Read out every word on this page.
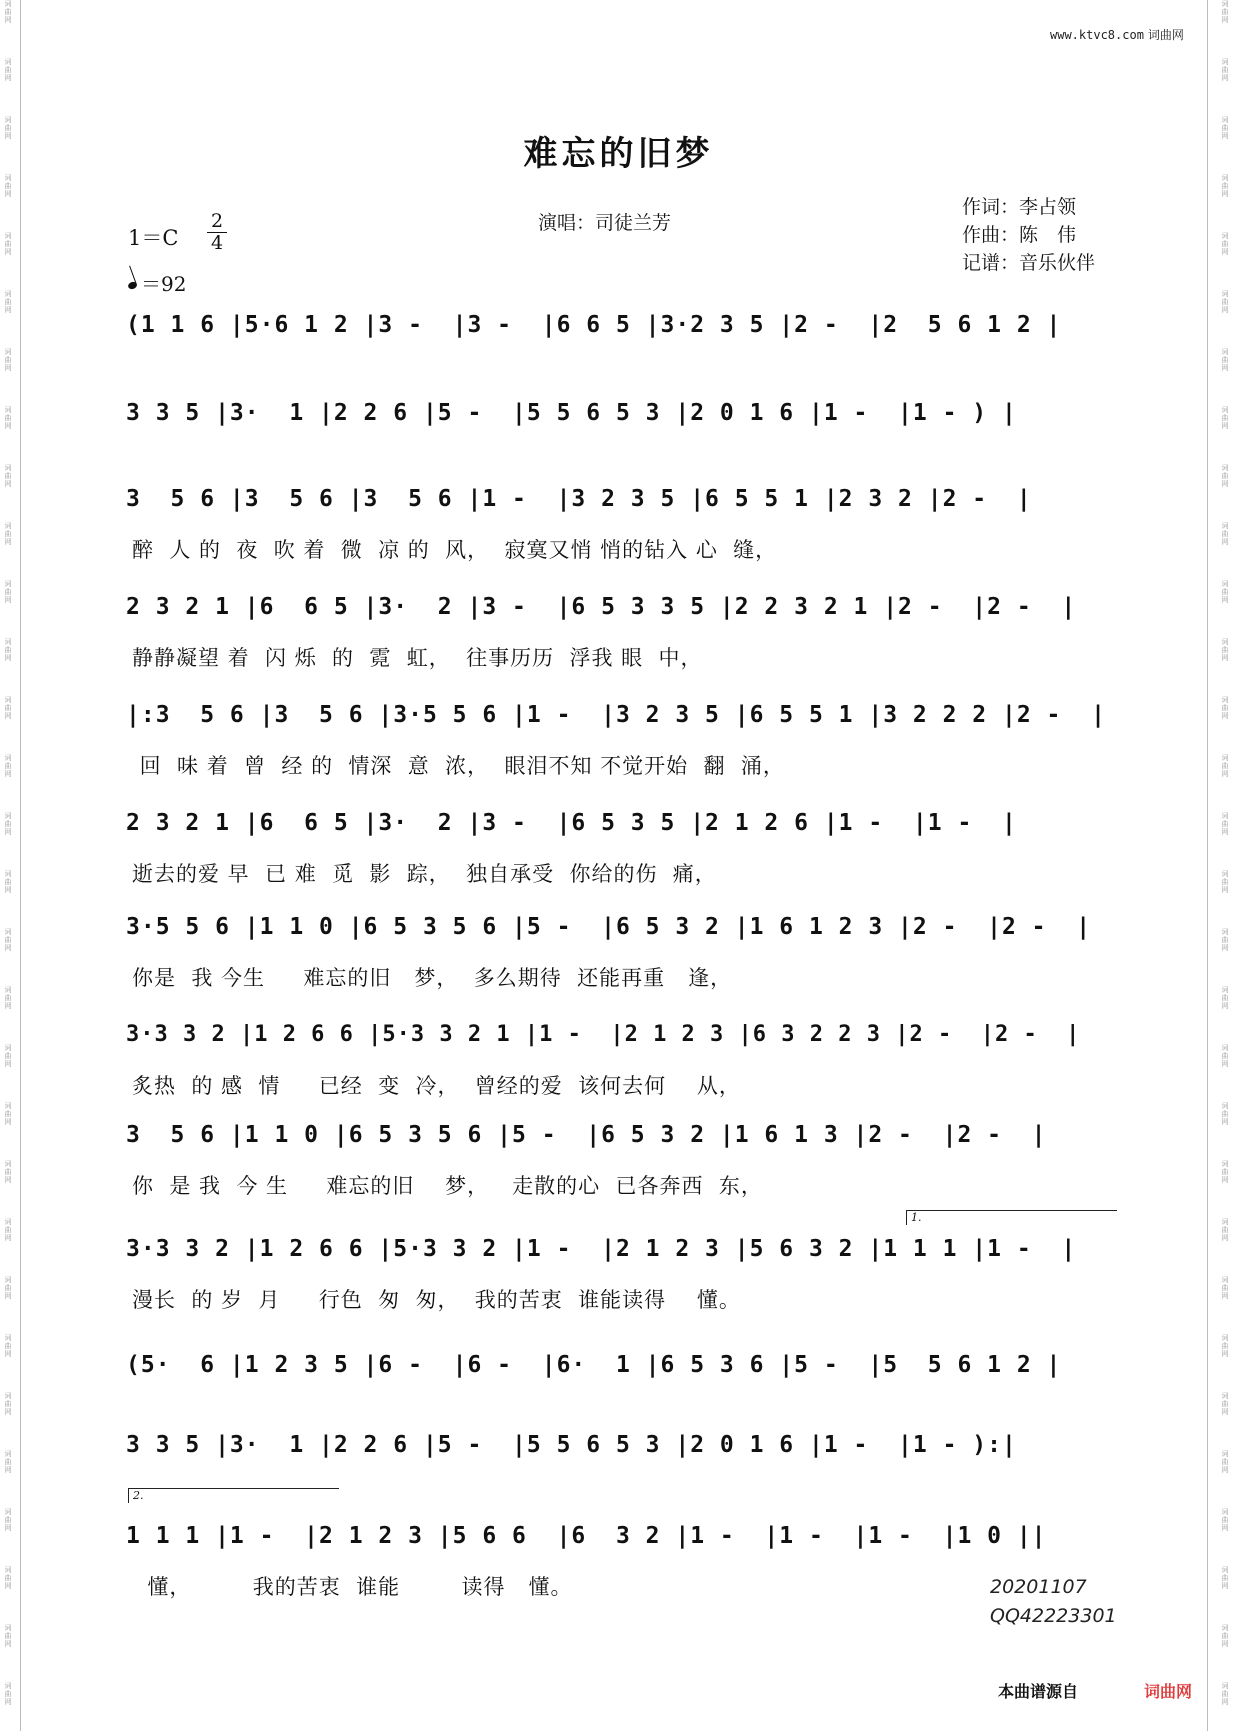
词曲网
词曲网
词曲网
词曲网
词曲网
词曲网
词曲网
词曲网
词曲网
词曲网
词曲网
词曲网
词曲网
词曲网
词曲网
词曲网
词曲网
词曲网
词曲网
词曲网
词曲网
词曲网
词曲网
词曲网
词曲网
词曲网
词曲网
词曲网
词曲网
词曲网
词曲网
词曲网
词曲网
词曲网
词曲网
词曲网
词曲网
词曲网
词曲网
词曲网
词曲网
词曲网
词曲网
词曲网
词曲网
词曲网
词曲网
词曲网
词曲网
词曲网
词曲网
词曲网
词曲网
词曲网
词曲网
词曲网
词曲网
词曲网
词曲网
词曲网
www.ktvc8.com 词曲网
难忘的旧梦
演唱：司徒兰芳
作词：李占领
作曲：陈　伟
记谱：音乐伙伴
$1=C \frac{2}{4}$
＝92
(1 1 6 |5·6 1 2 |3 -  |3 -  |6 6 5 |3·2 3 5 |2 -  |2  5 6 1 2 |
3 3 5 |3·  1 |2 2 6 |5 -  |5 5 6 5 3 |2 0 1 6 |1 -  |1 - ) |
3  5 6 |3  5 6 |3  5 6 |1 -  |3 2 3 5 |6 5 5 1 |2 3 2 |2 -  |
醉  人 的  夜  吹 着  微  凉 的  风，  寂寞又悄 悄的钻入 心  缝，
2 3 2 1 |6  6 5 |3·  2 |3 -  |6 5 3 3 5 |2 2 3 2 1 |2 -  |2 -  |
静静凝望 着  闪 烁  的  霓  虹，  往事历历  浮我 眼  中，
|:3  5 6 |3  5 6 |3·5 5 6 |1 -  |3 2 3 5 |6 5 5 1 |3 2 2 2 |2 -  |
回  味 着  曾  经 的  情深  意  浓，  眼泪不知 不觉开始  翻  涌，
2 3 2 1 |6  6 5 |3·  2 |3 -  |6 5 3 5 |2 1 2 6 |1 -  |1 -  |
逝去的爱 早  已 难  觅  影  踪，  独自承受  你给的伤  痛，
3·5 5 6 |1 1 0 |6 5 3 5 6 |5 -  |6 5 3 2 |1 6 1 2 3 |2 -  |2 -  |
你是  我 今生     难忘的旧   梦，  多么期待  还能再重   逢，
3·3 3 2 |1 2 6 6 |5·3 3 2 1 |1 -  |2 1 2 3 |6 3 2 2 3 |2 -  |2 -  |
炙热  的 感  情     已经  变  冷，  曾经的爱  该何去何    从，
3  5 6 |1 1 0 |6 5 3 5 6 |5 -  |6 5 3 2 |1 6 1 3 |2 -  |2 -  |
你  是 我  今 生     难忘的旧    梦，   走散的心  已各奔西  东，
3·3 3 2 |1 2 6 6 |5·3 3 2 |1 -  |2 1 2 3 |5 6 3 2 |1 1 1 |1 -  |
漫长  的 岁  月     行色  匆  匆，  我的苦衷  谁能读得    懂。
(5·  6 |1 2 3 5 |6 -  |6 -  |6·  1 |6 5 3 6 |5 -  |5  5 6 1 2 |
3 3 5 |3·  1 |2 2 6 |5 -  |5 5 6 5 3 |2 0 1 6 |1 -  |1 - ):|
1 1 1 |1 -  |2 1 2 3 |5 6 6  |6  3 2 |1 -  |1 -  |1 -  |1 0 ||
懂，        我的苦衷  谁能        读得   懂。
1.
2.
20201107
QQ42223301
本曲谱源自	词曲网
